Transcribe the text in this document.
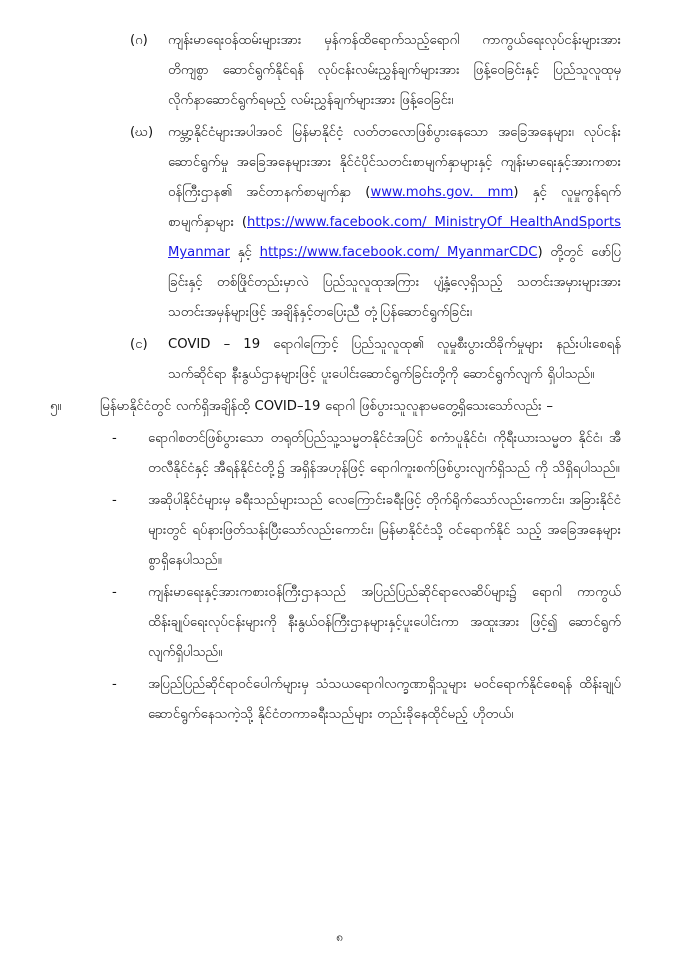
(ဂ)	ကျန်းမာရေးဝန်ထမ်းများအား မှန်ကန်ထိရောက်သည့်ရောဂါ ကာကွယ်ရေးလုပ်ငန်းများအား တိကျစွာ ဆောင်ရွက်နိုင်ရန် လုပ်ငန်းလမ်းညွှန်ချက်များအား ဖြန့်ဝေခြင်းနှင့် ပြည်သူလူထုမှ လိုက်နာဆောင်ရွက်ရမည့် လမ်းညွှန်ချက်များအား ဖြန့်ဝေခြင်း၊
(ဃ)	ကမ္ဘာ့နိုင်ငံများအပါအဝင် မြန်မာနိုင်ငံ့ လတ်တလောဖြစ်ပွားနေသော အခြေအနေများ၊ လုပ်ငန်းဆောင်ရွက်မှု အခြေအနေများအား နိုင်ငံပိုင်သတင်းစာမျက်နှာများနှင့် ကျန်းမာရေးနှင့်အားကစားဝန်ကြီးဌာန၏ အင်တာနက်စာမျက်နှာ (www.mohs.gov. mm) နှင့် လူမှုကွန်ရက်စာမျက်နှာများ (https://www.facebook.com/ MinistryOf HealthAndSportsMyanmar နှင့် https://www.facebook.com/ MyanmarCDC) တို့တွင် ဖော်ပြခြင်းနှင့် တစ်ဖြိုင်တည်းမှာလဲ ပြည်သူလူထုအကြား ပျံ့နှံ့လေ့ရှိသည့် သတင်းအမှားများအား သတင်းအမှန်များဖြင့် အချိန်နှင့်တပြေးညီ တုံ့ပြန်ဆောင်ရွက်ခြင်း၊
(င)	COVID – 19 ရောဂါကြောင့် ပြည်သူလူထု၏ လူမှုစီးပွားထိခိုက်မှုများ နည်းပါးစေရန် သက်ဆိုင်ရာ နီးနွယ်ဌာနများဖြင့် ပူးပေါင်းဆောင်ရွက်ခြင်းတို့ကို ဆောင်ရွက်လျက် ရှိပါသည်။
၅။	မြန်မာနိုင်ငံတွင် လက်ရှိအချိန်ထိ့ COVID–19 ရောဂါ ဖြစ်ပွားသူလူနာမတွေ့ရှိသေးသော်လည်း –
-	ရောဂါစတင်ဖြစ်ပွားသော တရုတ်ပြည်သူ့သမ္မတနိုင်ငံအပြင် စကံာပူနိုင်ငံ၊ ကိုရီးယားသမ္မတ နိုင်ငံ၊ အီတလီနိုင်ငံနှင့် အီရန်နိုင်ငံတို့၌ အရှိန်အဟုန်ဖြင့် ရောဂါကူးစက်ဖြစ်ပွားလျက်ရှိသည် ကို သိရှိရပါသည်။
-	အဆိုပါနိုင်ငံများမှ ခရီးသည်များသည် လေကြောင်းခရီးဖြင့် တိုက်ရိုက်သော်လည်းကောင်း၊ အခြားနိုင်ငံများတွင် ရပ်နားဖြတ်သန်းပြီးသော်လည်းကောင်း၊ မြန်မာနိုင်ငံသို့ ဝင်ရောက်နိုင် သည့် အခြေအနေများစွာရှိနေပါသည်။
-	ကျန်းမာရေးနှင့်အားကစားဝန်ကြီးဌာနသည် အပြည်ပြည်ဆိုင်ရာလေဆိပ်များ၌ ရောဂါ ကာကွယ်ထိန်းချုပ်ရေးလုပ်ငန်းများကို နီးနွယ်ဝန်ကြီးဌာနများနှင့်ပူးပေါင်းကာ အထူးအား ဖြင့်၍ ဆောင်ရွက်လျက်ရှိပါသည်။
-	အပြည်ပြည်ဆိုင်ရာဝင်ပေါက်များမှ သံသယရောဂါလက္ခဏာရှိသူများ မဝင်ရောက်နိုင်စေရန် ထိန်းချုပ်ဆောင်ရွက်နေသကဲ့သို့ နိုင်ငံတကာခရီးသည်များ တည်းခိုနေထိုင်မည့် ဟိုတယ်၊
၈
